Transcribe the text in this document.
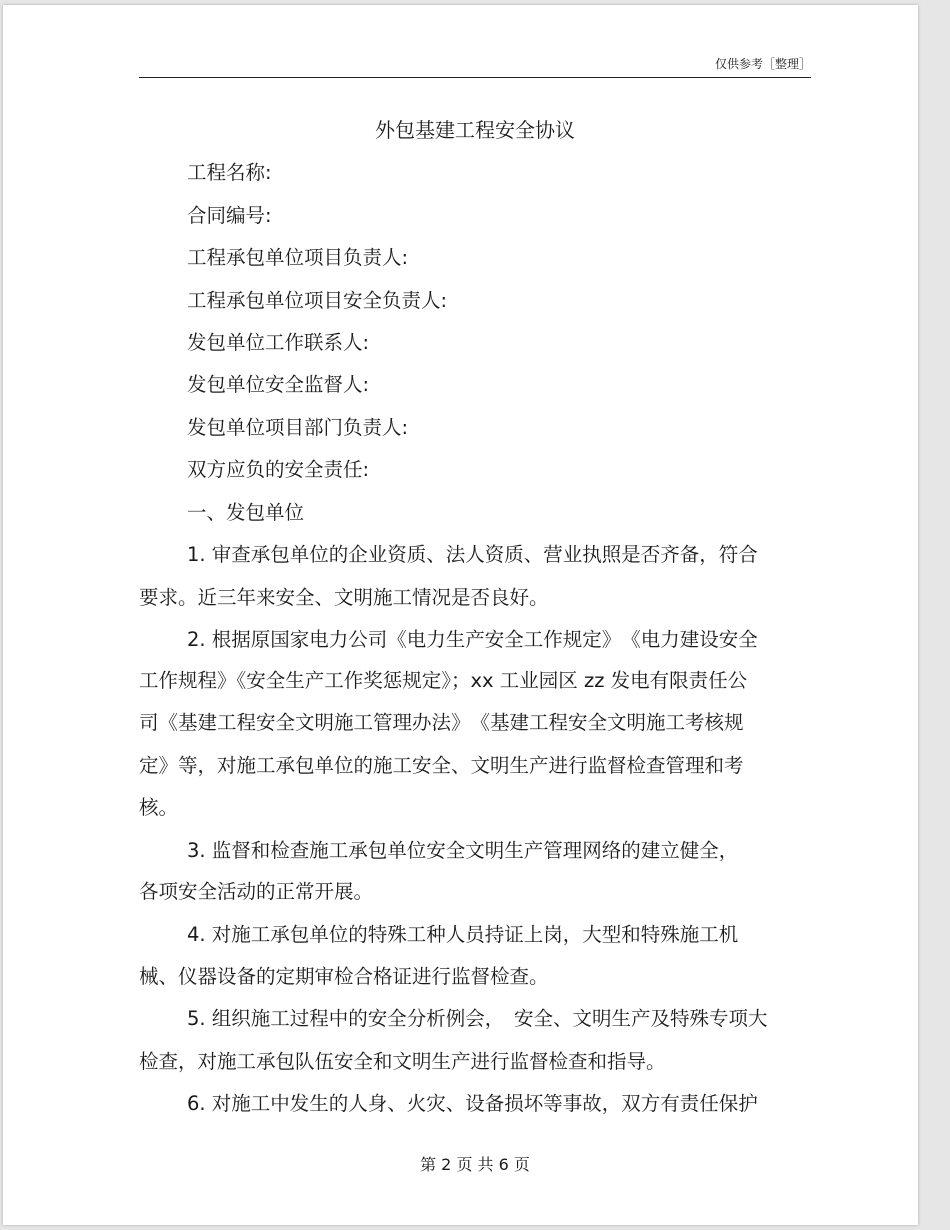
仅供参考［整理］
外包基建工程安全协议
工程名称:
合同编号:
工程承包单位项目负责人:
工程承包单位项目安全负责人:
发包单位工作联系人:
发包单位安全监督人:
发包单位项目部门负责人:
双方应负的安全责任:
一、发包单位
1. 审查承包单位的企业资质、法人资质、营业执照是否齐备，符合
要求。近三年来安全、文明施工情况是否良好。
2. 根据原国家电力公司《电力生产安全工作规定》　《电力建设安全
工作规程》《安全生产工作奖惩规定》；xx 工业园区 zz 发电有限责任公
司《基建工程安全文明施工管理办法》　《基建工程安全文明施工考核规
定》等，对施工承包单位的施工安全、文明生产进行监督检查管理和考
核。
3. 监督和检查施工承包单位安全文明生产管理网络的建立健全，
各项安全活动的正常开展。
4. 对施工承包单位的特殊工种人员持证上岗，大型和特殊施工机
械、仪器设备的定期审检合格证进行监督检查。
5. 组织施工过程中的安全分析例会，　安全、文明生产及特殊专项大
检查，对施工承包队伍安全和文明生产进行监督检查和指导。
6. 对施工中发生的人身、火灾、设备损坏等事故，双方有责任保护
第 2 页 共 6 页
